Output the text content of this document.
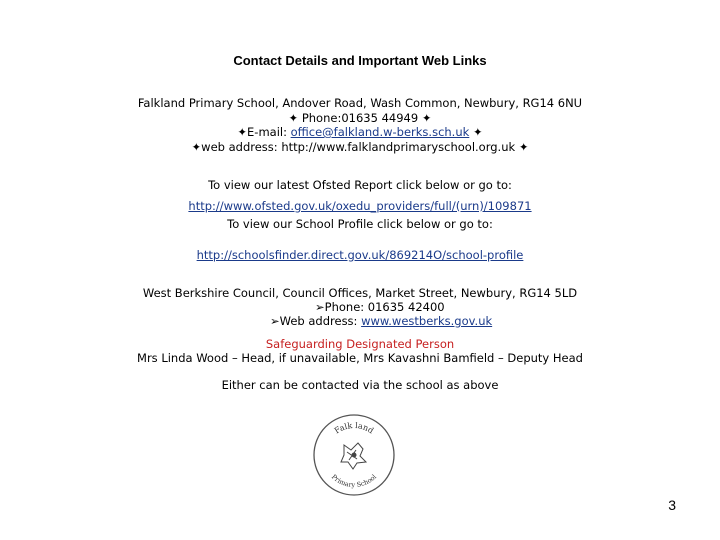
Contact Details and Important Web Links
Falkland Primary School, Andover Road, Wash Common, Newbury, RG14 6NU
✦ Phone:01635 44949 ✦
✦E-mail: office@falkland.w-berks.sch.uk ✦
✦web address: http://www.falklandprimaryschool.org.uk ✦
To view our latest Ofsted Report click below or go to:
http://www.ofsted.gov.uk/oxedu_providers/full/(urn)/109871
To view our School Profile click below or go to:
http://schoolsfinder.direct.gov.uk/869214O/school-profile
West Berkshire Council, Council Offices, Market Street, Newbury, RG14 5LD
➢Phone: 01635 42400
➢Web address: www.westberks.gov.uk
Safeguarding Designated Person
Mrs Linda Wood – Head, if unavailable, Mrs Kavashni Bamfield – Deputy Head
Either can be contacted via the school as above
Falk land
Primary School
3
